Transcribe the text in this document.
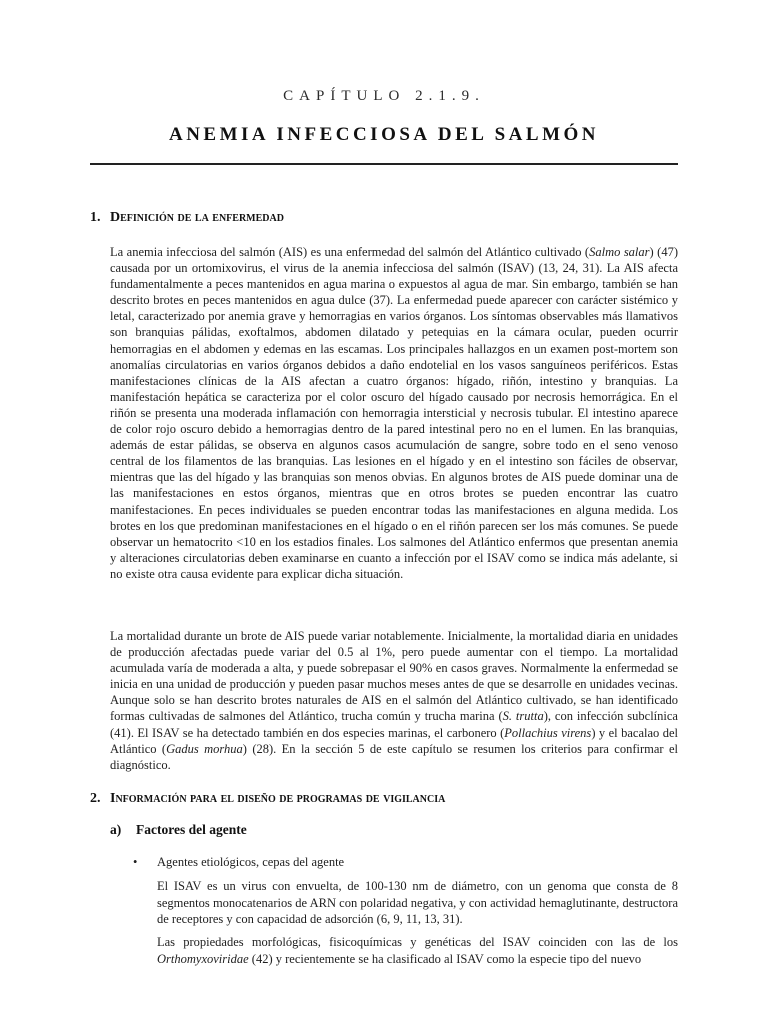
CAPÍTULO 2.1.9.
ANEMIA INFECCIOSA DEL SALMÓN
1. Definición de la enfermedad

La anemia infecciosa del salmón (AIS) es una enfermedad del salmón del Atlántico cultivado (Salmo salar) (47) causada por un ortomixovirus, el virus de la anemia infecciosa del salmón (ISAV) (13, 24, 31). La AIS afecta fundamentalmente a peces mantenidos en agua marina o expuestos al agua de mar. Sin embargo, también se han descrito brotes en peces mantenidos en agua dulce (37). La enfermedad puede aparecer con carácter sistémico y letal, caracterizado por anemia grave y hemorragias en varios órganos. Los síntomas observables más llamativos son branquias pálidas, exoftalmos, abdomen dilatado y petequias en la cámara ocular, pueden ocurrir hemorragias en el abdomen y edemas en las escamas. Los principales hallazgos en un examen post-mortem son anomalías circulatorias en varios órganos debidos a daño endotelial en los vasos sanguíneos periféricos. Estas manifestaciones clínicas de la AIS afectan a cuatro órganos: hígado, riñón, intestino y branquias. La manifestación hepática se caracteriza por el color oscuro del hígado causado por necrosis hemorrágica. En el riñón se presenta una moderada inflamación con hemorragia intersticial y necrosis tubular. El intestino aparece de color rojo oscuro debido a hemorragias dentro de la pared intestinal pero no en el lumen. En las branquias, además de estar pálidas, se observa en algunos casos acumulación de sangre, sobre todo en el seno venoso central de los filamentos de las branquias. Las lesiones en el hígado y en el intestino son fáciles de observar, mientras que las del hígado y las branquias son menos obvias. En algunos brotes de AIS puede dominar una de las manifestaciones en estos órganos, mientras que en otros brotes se pueden encontrar las cuatro manifestaciones. En peces individuales se pueden encontrar todas las manifestaciones en alguna medida. Los brotes en los que predominan manifestaciones en el hígado o en el riñón parecen ser los más comunes. Se puede observar un hematocrito <10 en los estadios finales. Los salmones del Atlántico enfermos que presentan anemia y alteraciones circulatorias deben examinarse en cuanto a infección por el ISAV como se indica más adelante, si no existe otra causa evidente para explicar dicha situación.

La mortalidad durante un brote de AIS puede variar notablemente. Inicialmente, la mortalidad diaria en unidades de producción afectadas puede variar del 0.5 al 1%, pero puede aumentar con el tiempo. La mortalidad acumulada varía de moderada a alta, y puede sobrepasar el 90% en casos graves. Normalmente la enfermedad se inicia en una unidad de producción y pueden pasar muchos meses antes de que se desarrolle en unidades vecinas. Aunque solo se han descrito brotes naturales de AIS en el salmón del Atlántico cultivado, se han identificado formas cultivadas de salmones del Atlántico, trucha común y trucha marina (S. trutta), con infección subclínica (41). El ISAV se ha detectado también en dos especies marinas, el carbonero (Pollachius virens) y el bacalao del Atlántico (Gadus morhua) (28). En la sección 5 de este capítulo se resumen los criterios para confirmar el diagnóstico.

2. Información para el diseño de programas de vigilancia
a) Factores del agente
• Agentes etiológicos, cepas del agente

El ISAV es un virus con envuelta, de 100-130 nm de diámetro, con un genoma que consta de 8 segmentos monocatenarios de ARN con polaridad negativa, y con actividad hemaglutinante, destructora de receptores y con capacidad de adsorción (6, 9, 11, 13, 31).

Las propiedades morfológicas, fisicoquímicas y genéticas del ISAV coinciden con las de los Orthomyxoviridae (42) y recientemente se ha clasificado al ISAV como la especie tipo del nuevo
